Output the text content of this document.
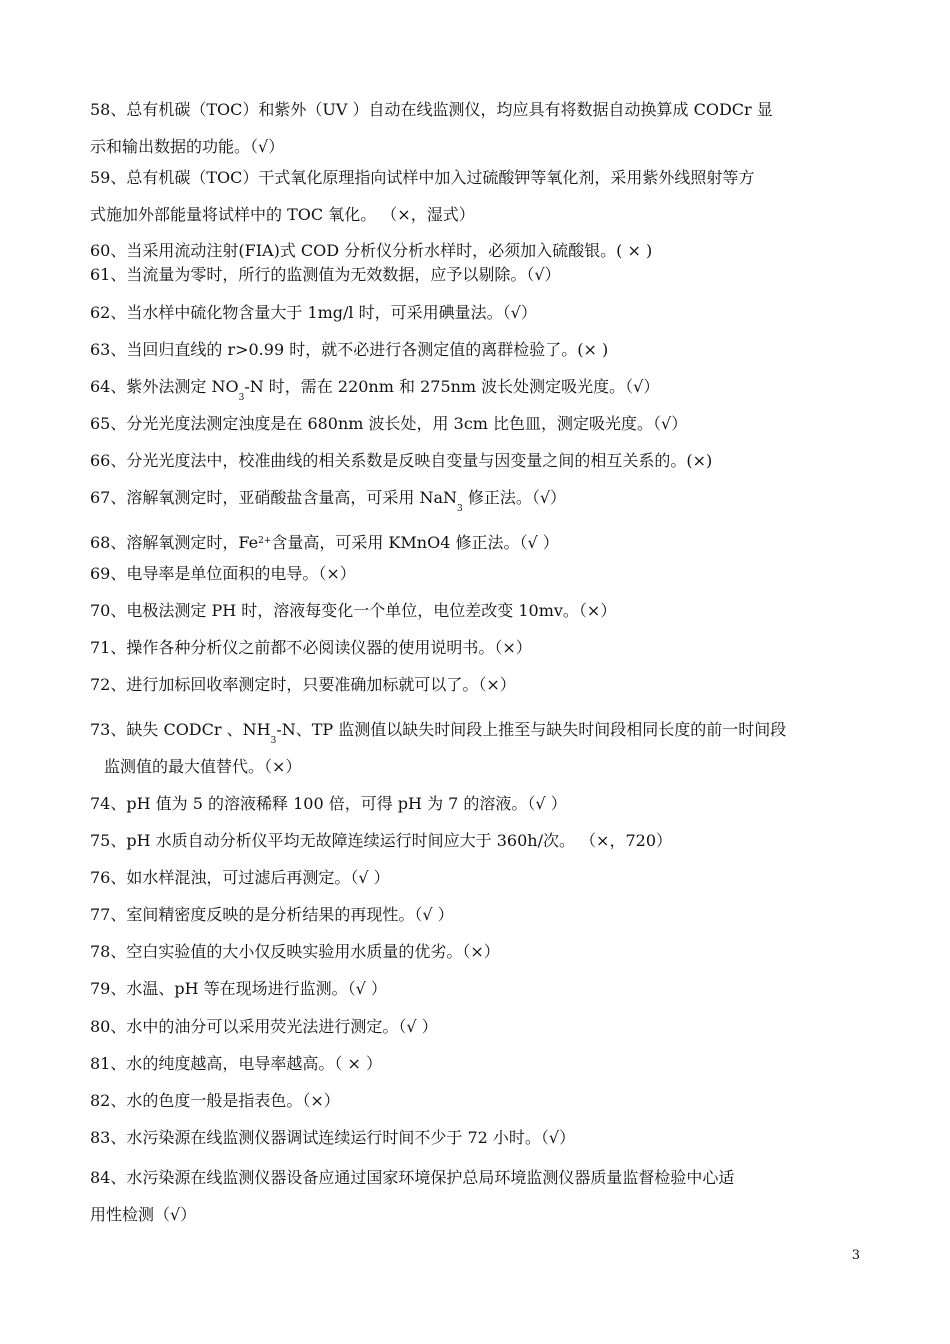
58、总有机碳（TOC）和紫外（UV ）自动在线监测仪，均应具有将数据自动换算成 CODCr 显
示和输出数据的功能。（√）
59、总有机碳（TOC）干式氧化原理指向试样中加入过硫酸钾等氧化剂，采用紫外线照射等方
式施加外部能量将试样中的 TOC 氧化。 （×，湿式）
60、当采用流动注射(FIA)式 COD 分析仪分析水样时，必须加入硫酸银。( × )
61、当流量为零时，所行的监测值为无效数据，应予以剔除。（√）
62、当水样中硫化物含量大于 1mg/l 时，可采用碘量法。（√）
63、当回归直线的 r>0.99 时，就不必进行各测定值的离群检验了。(× )
64、紫外法测定 $NO_3-N$ 时，需在 220nm 和 275nm 波长处测定吸光度。（√）
65、分光光度法测定浊度是在 680nm 波长处，用 3cm 比色皿，测定吸光度。（√）
66、分光光度法中，校准曲线的相关系数是反映自变量与因变量之间的相互关系的。(×)
67、溶解氧测定时，亚硝酸盐含量高，可采用 NaN$_3$ 修正法。（√）
68、溶解氧测定时，$Fe^{2+}$含量高，可采用 KMnO4 修正法。（√ ）
69、电导率是单位面积的电导。（×）
70、电极法测定 PH 时，溶液每变化一个单位，电位差改变 10mv。（×）
71、操作各种分析仪之前都不必阅读仪器的使用说明书。（×）
72、进行加标回收率测定时，只要准确加标就可以了。（×）
73、缺失 CODCr 、$NH_3-N$、TP 监测值以缺失时间段上推至与缺失时间段相同长度的前一时间段
监测值的最大值替代。（×）
74、pH 值为 5 的溶液稀释 100 倍，可得 pH 为 7 的溶液。（√ ）
75、pH 水质自动分析仪平均无故障连续运行时间应大于 360h/次。 （×，720）
76、如水样混浊，可过滤后再测定。（√ ）
77、室间精密度反映的是分析结果的再现性。（√ ）
78、空白实验值的大小仅反映实验用水质量的优劣。（×）
79、水温、pH 等在现场进行监测。（√ ）
80、水中的油分可以采用荧光法进行测定。（√ ）
81、水的纯度越高，电导率越高。（ × ）
82、水的色度一般是指表色。（×）
83、水污染源在线监测仪器调试连续运行时间不少于 72 小时。（√）
84、水污染源在线监测仪器设备应通过国家环境保护总局环境监测仪器质量监督检验中心适
用性检测（√）
3
